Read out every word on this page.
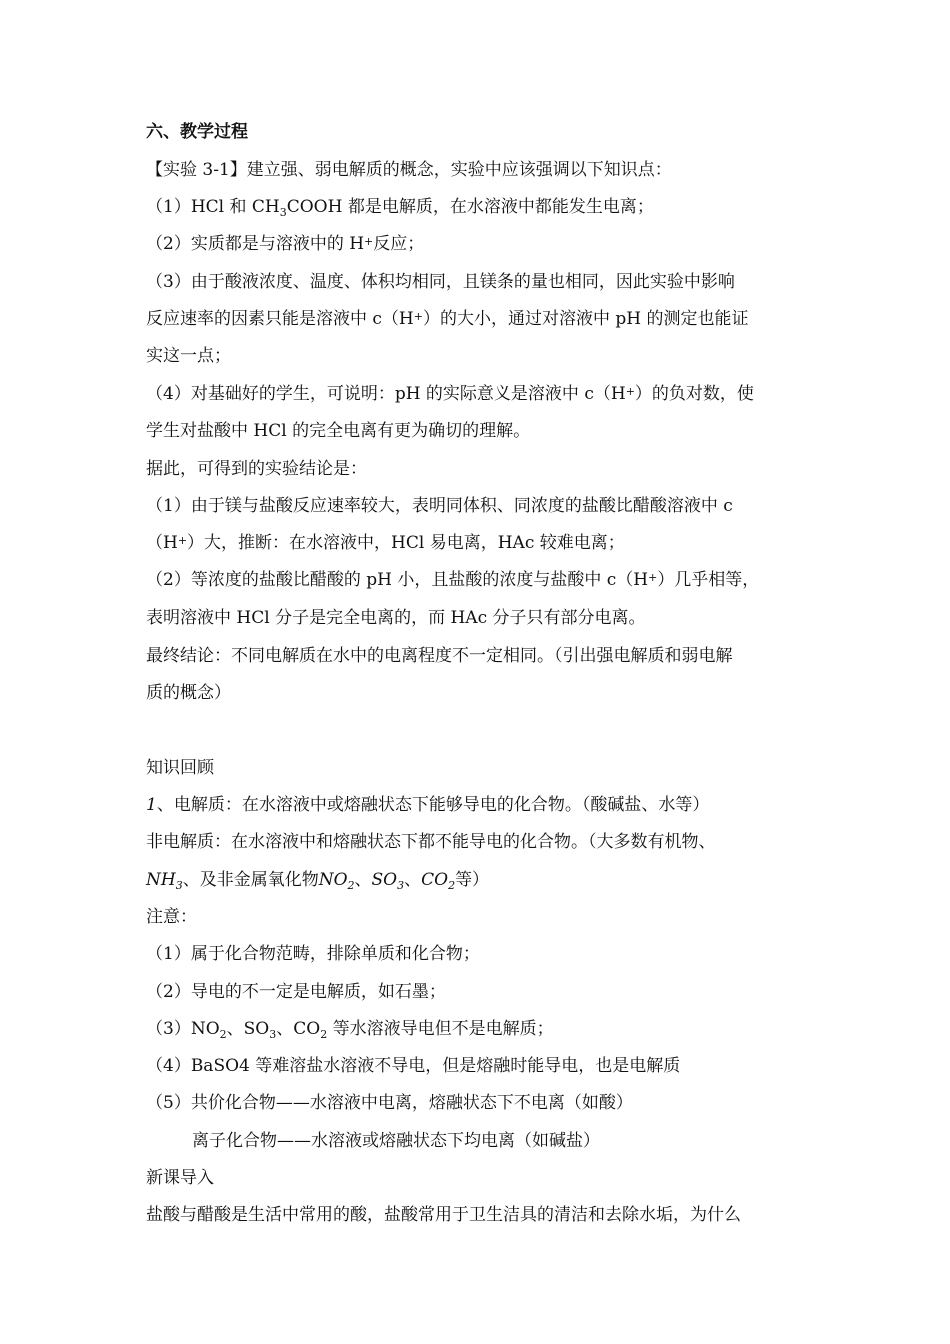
六、教学过程
【实验 3-1】建立强、弱电解质的概念，实验中应该强调以下知识点：
（1）HCl 和 $CH_3COOH$ 都是电解质，在水溶液中都能发生电离；
（2）实质都是与溶液中的 H+反应；
（3）由于酸液浓度、温度、体积均相同，且镁条的量也相同，因此实验中影响
反应速率的因素只能是溶液中 c（H+）的大小，通过对溶液中 pH 的测定也能证
实这一点；
（4）对基础好的学生，可说明：pH 的实际意义是溶液中 c（H+）的负对数，使
学生对盐酸中 HCl 的完全电离有更为确切的理解。
据此，可得到的实验结论是：
（1）由于镁与盐酸反应速率较大，表明同体积、同浓度的盐酸比醋酸溶液中 c
（H+）大，推断：在水溶液中，HCl 易电离，HAc 较难电离；
（2）等浓度的盐酸比醋酸的 pH 小，且盐酸的浓度与盐酸中 c（H+）几乎相等，
表明溶液中 HCl 分子是完全电离的，而 HAc 分子只有部分电离。
最终结论：不同电解质在水中的电离程度不一定相同。（引出强电解质和弱电解
质的概念）
知识回顾
1、电解质：在水溶液中或熔融状态下能够导电的化合物。（酸碱盐、水等）
非电解质：在水溶液中和熔融状态下都不能导电的化合物。（大多数有机物、
$NH_3$、及非金属氧化物$NO_2$、$SO_3$、$CO_2$等）
注意：
（1）属于化合物范畴，排除单质和化合物；
（2）导电的不一定是电解质，如石墨；
$(3)NO_2$、$SO_3$、$CO_2$ 等水溶液导电但不是电解质；
（4）BaSO4 等难溶盐水溶液不导电，但是熔融时能导电，也是电解质
（5）共价化合物——水溶液中电离，熔融状态下不电离（如酸）
离子化合物——水溶液或熔融状态下均电离（如碱盐）
新课导入
盐酸与醋酸是生活中常用的酸，盐酸常用于卫生洁具的清洁和去除水垢，为什么
